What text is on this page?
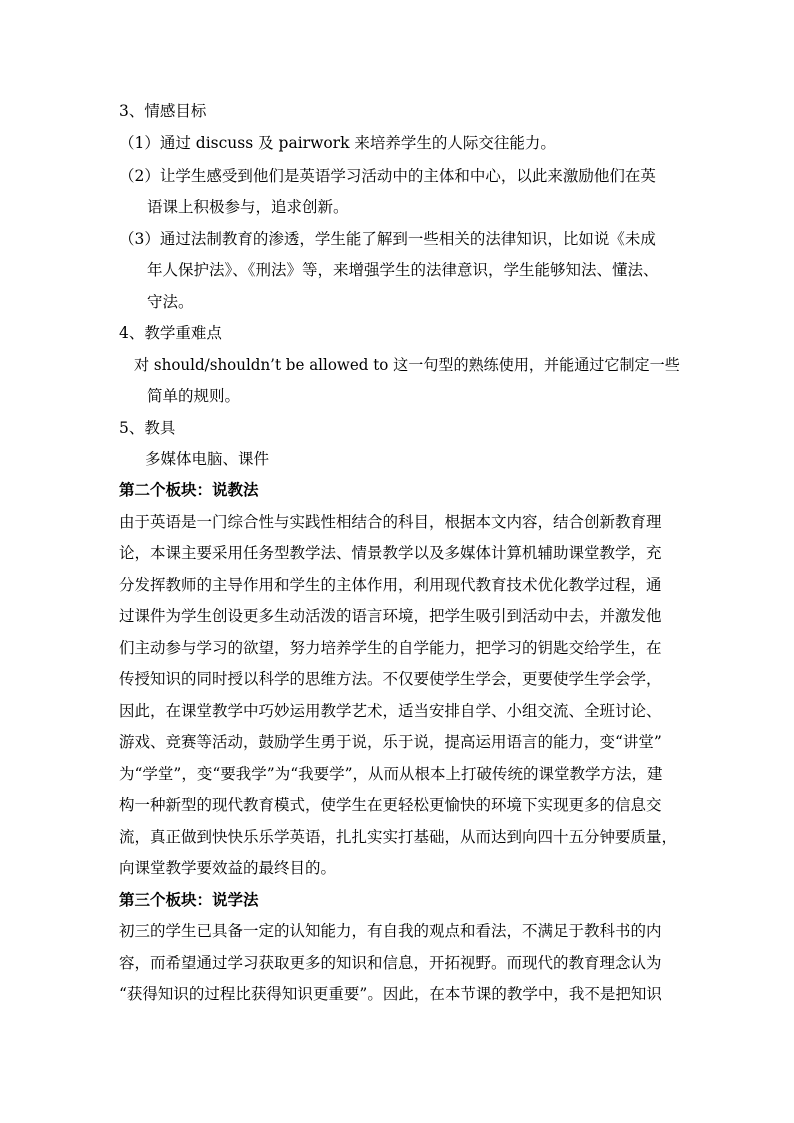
3、情感目标
（1）通过 discuss 及 pairwork 来培养学生的人际交往能力。
（2）让学生感受到他们是英语学习活动中的主体和中心，以此来激励他们在英
语课上积极参与，追求创新。
（3）通过法制教育的渗透，学生能了解到一些相关的法律知识，比如说《未成
年人保护法》、《刑法》等，来增强学生的法律意识，学生能够知法、懂法、
守法。
4、教学重难点
对 should/shouldn’t be allowed to 这一句型的熟练使用，并能通过它制定一些
简单的规则。
5、教具
多媒体电脑、课件
第二个板块：说教法
由于英语是一门综合性与实践性相结合的科目，根据本文内容，结合创新教育理
论，本课主要采用任务型教学法、情景教学以及多媒体计算机辅助课堂教学，充
分发挥教师的主导作用和学生的主体作用，利用现代教育技术优化教学过程，通
过课件为学生创设更多生动活泼的语言环境，把学生吸引到活动中去，并激发他
们主动参与学习的欲望，努力培养学生的自学能力，把学习的钥匙交给学生，在
传授知识的同时授以科学的思维方法。不仅要使学生学会，更要使学生学会学，
因此，在课堂教学中巧妙运用教学艺术，适当安排自学、小组交流、全班讨论、
游戏、竞赛等活动，鼓励学生勇于说，乐于说，提高运用语言的能力，变“讲堂”
为“学堂”，变“要我学”为“我要学”，从而从根本上打破传统的课堂教学方法，建
构一种新型的现代教育模式，使学生在更轻松更愉快的环境下实现更多的信息交
流，真正做到快快乐乐学英语，扎扎实实打基础，从而达到向四十五分钟要质量，
向课堂教学要效益的最终目的。
第三个板块：说学法
初三的学生已具备一定的认知能力，有自我的观点和看法，不满足于教科书的内
容，而希望通过学习获取更多的知识和信息，开拓视野。而现代的教育理念认为
“获得知识的过程比获得知识更重要”。因此，在本节课的教学中，我不是把知识
